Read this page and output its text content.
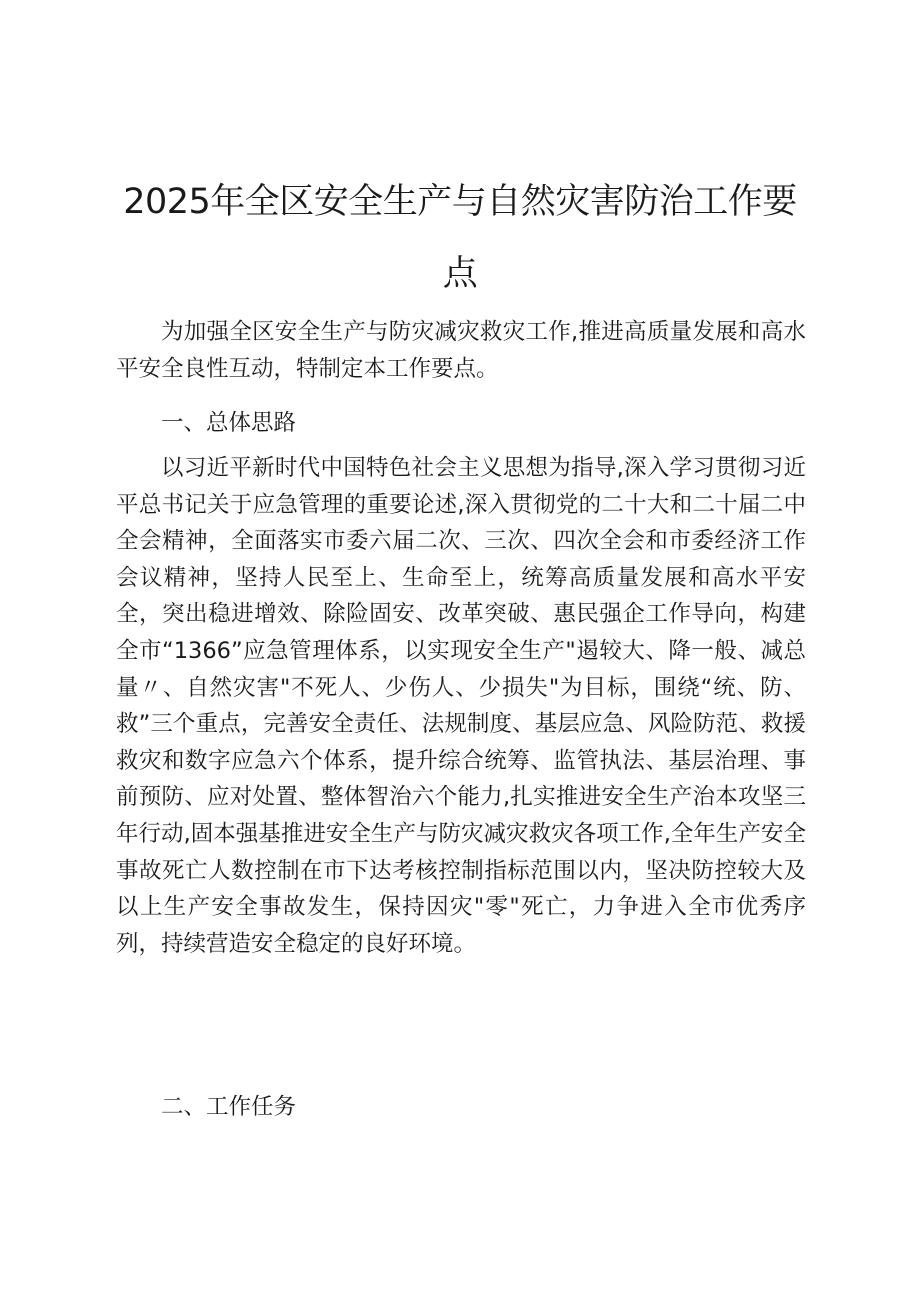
2025年全区安全生产与自然灾害防治工作要点

为加强全区安全生产与防灾减灾救灾工作,推进高质量发展和高水平安全良性互动，特制定本工作要点。

一、总体思路

以习近平新时代中国特色社会主义思想为指导,深入学习贯彻习近平总书记关于应急管理的重要论述,深入贯彻党的二十大和二十届二中全会精神，全面落实市委六届二次、三次、四次全会和市委经济工作会议精神，坚持人民至上、生命至上，统筹高质量发展和高水平安全，突出稳进增效、除险固安、改革突破、惠民强企工作导向，构建全市“1366”应急管理体系，以实现安全生产"遏较大、降一般、减总量〃、自然灾害"不死人、少伤人、少损失"为目标，围绕“统、防、救”三个重点，完善安全责任、法规制度、基层应急、风险防范、救援救灾和数字应急六个体系，提升综合统筹、监管执法、基层治理、事前预防、应对处置、整体智治六个能力,扎实推进安全生产治本攻坚三年行动,固本强基推进安全生产与防灾减灾救灾各项工作,全年生产安全事故死亡人数控制在市下达考核控制指标范围以内，坚决防控较大及以上生产安全事故发生，保持因灾"零"死亡，力争进入全市优秀序列，持续营造安全稳定的良好环境。

二、工作任务
